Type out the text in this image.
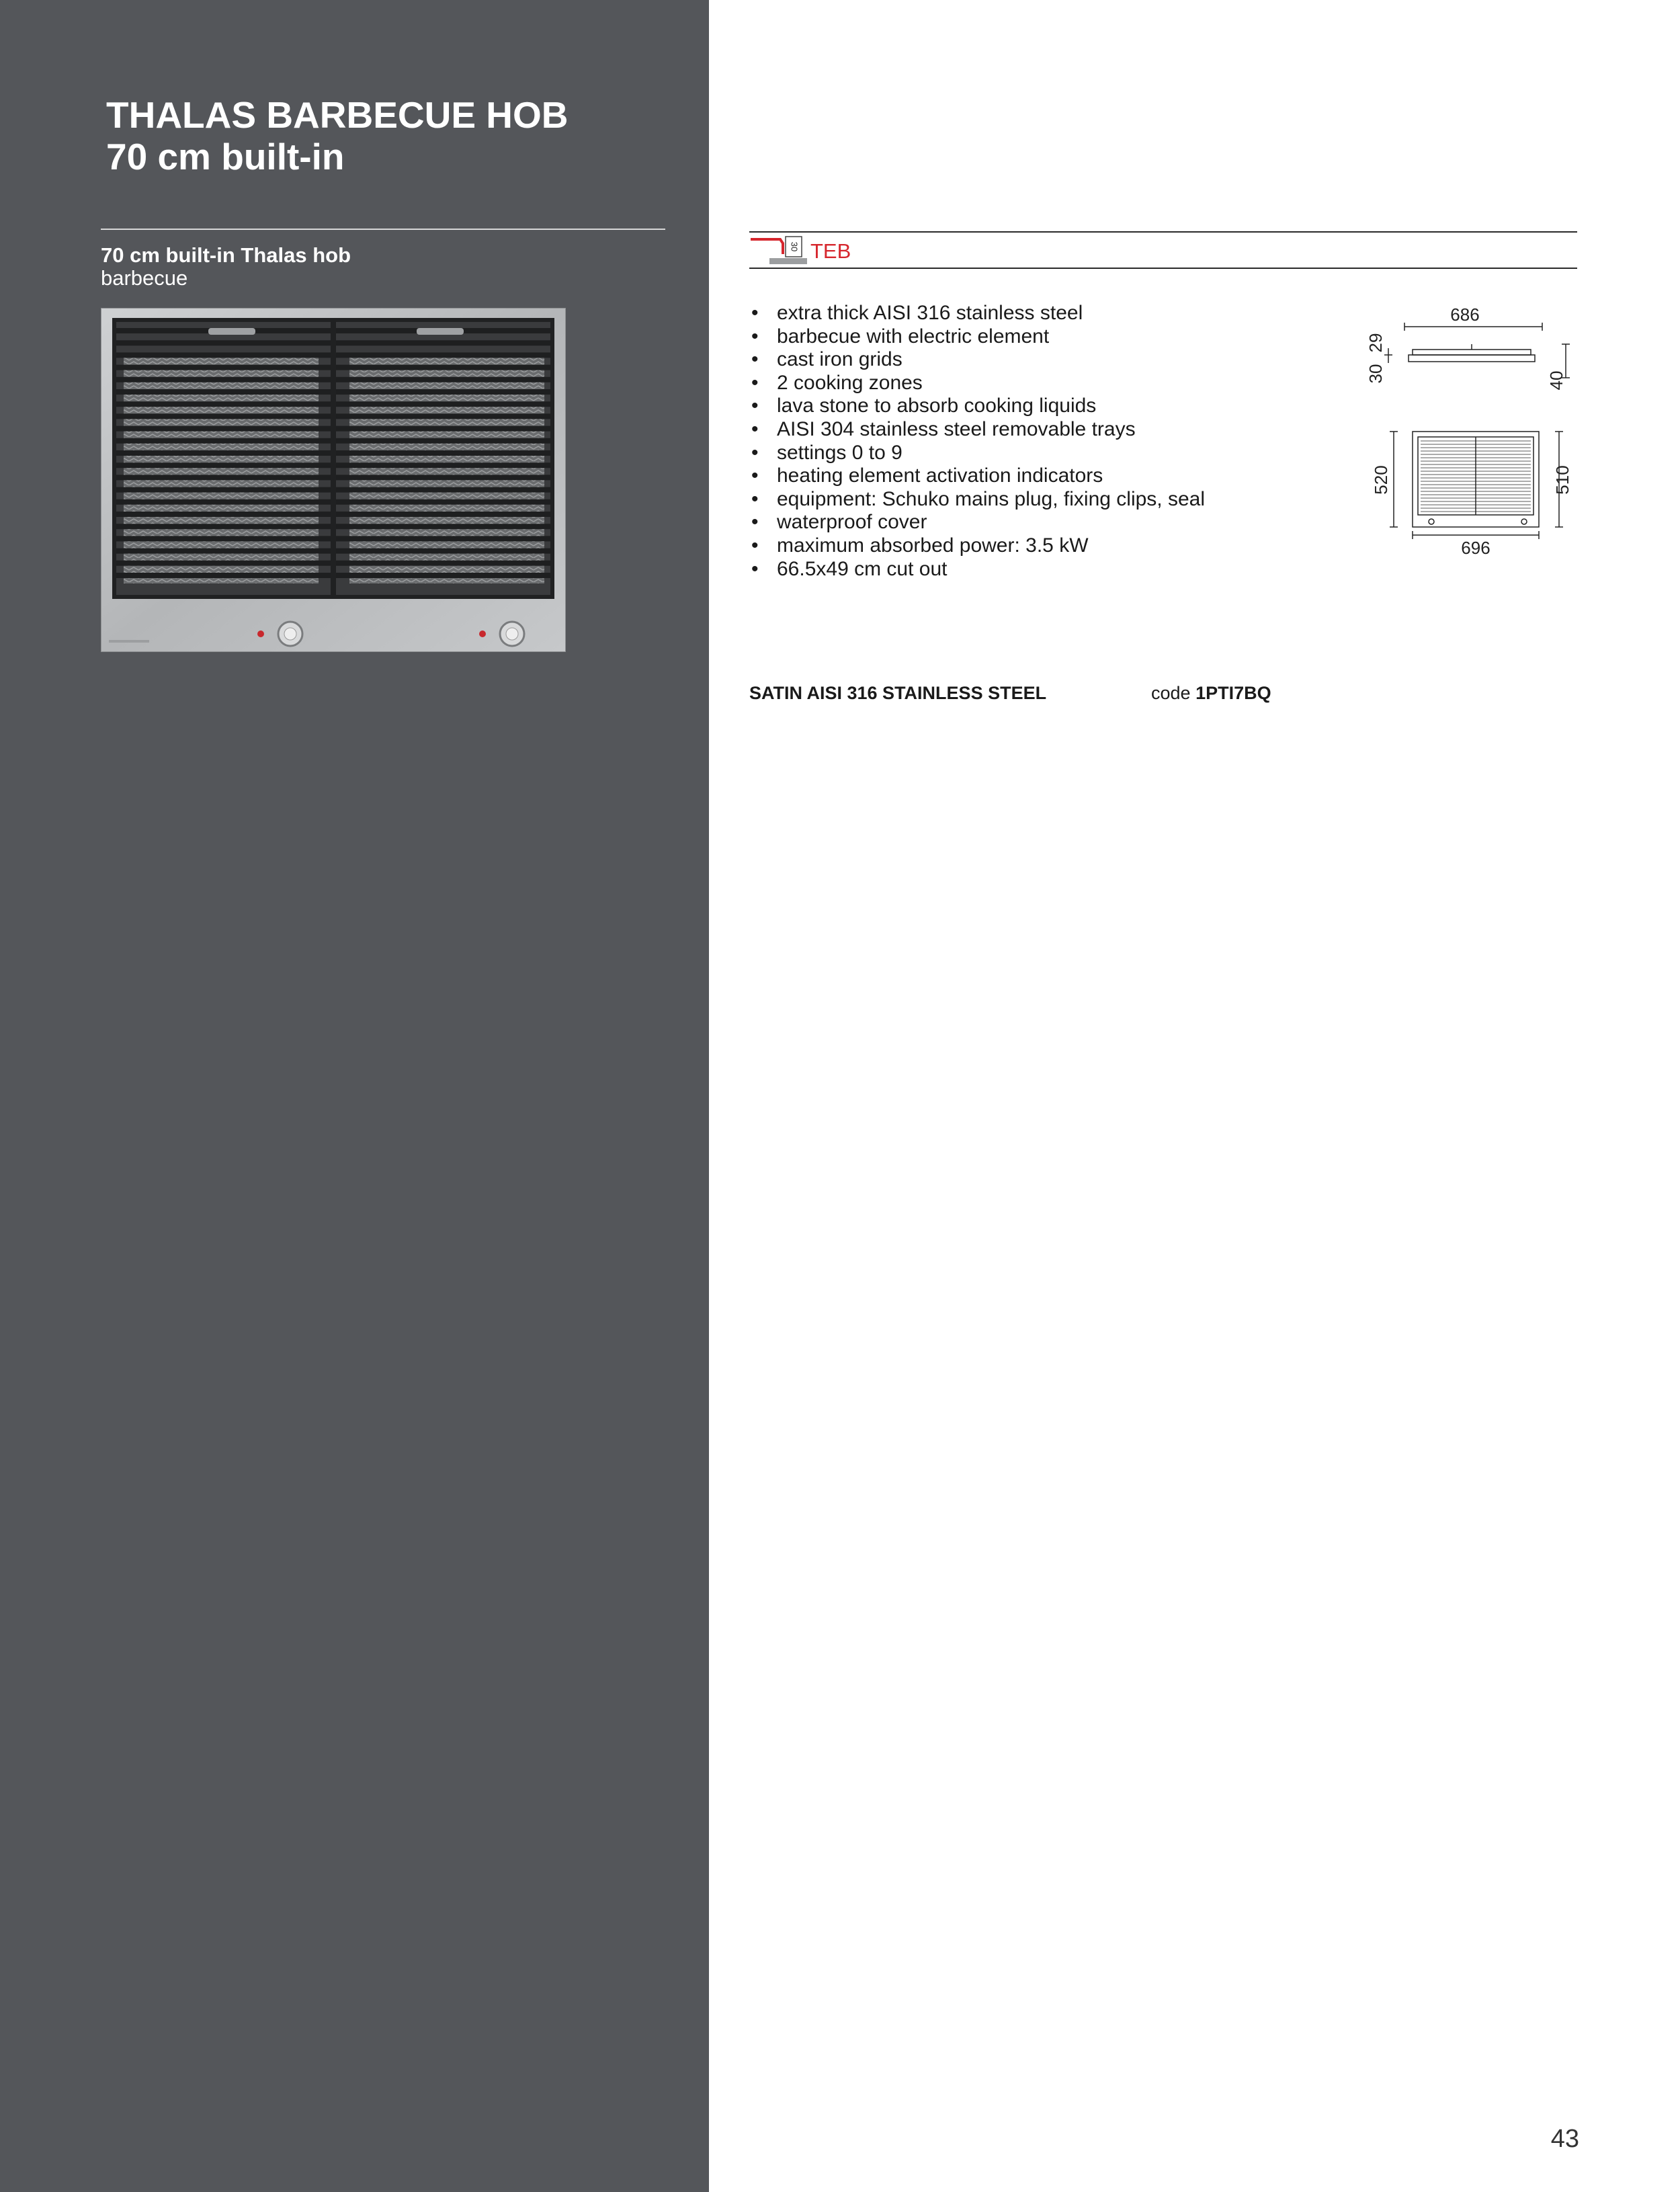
THALAS BARBECUE HOB
70 cm built-in
70 cm built-in Thalas hob
barbecue
30 TEB
• extra thick AISI 316 stainless steel
• barbecue with electric element
• cast iron grids
• 2 cooking zones
• lava stone to absorb cooking liquids
• AISI 304 stainless steel removable trays
• settings 0 to 9
• heating element activation indicators
• equipment: Schuko mains plug, fixing clips, seal
• waterproof cover
• maximum absorbed power: 3.5 kW
• 66.5x49 cm cut out
686
29
30	40
520	510
696
SATIN AISI 316 STAINLESS STEEL	code 1PTI7BQ
43
